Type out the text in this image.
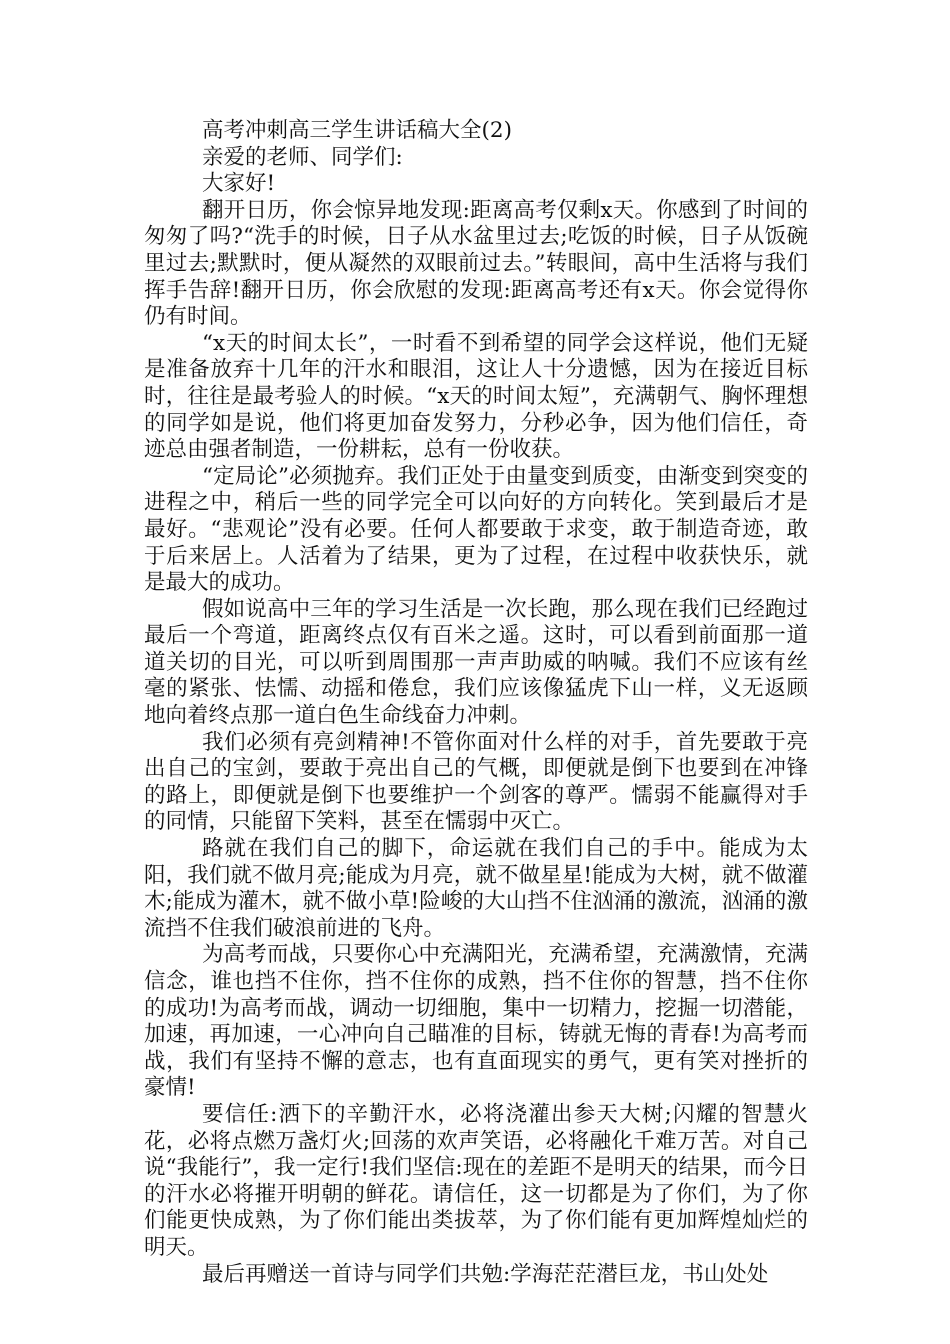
高考冲刺高三学生讲话稿大全(2)
亲爱的老师、同学们:
大家好!

翻开日历，你会惊异地发现:距离高考仅剩x天。你感到了时间的匆匆了吗?“洗手的时候，日子从水盆里过去;吃饭的时候，日子从饭碗里过去;默默时，便从凝然的双眼前过去。”转眼间，高中生活将与我们挥手告辞!翻开日历，你会欣慰的发现:距离高考还有x天。你会觉得你仍有时间。

“x天的时间太长”，一时看不到希望的同学会这样说，他们无疑是准备放弃十几年的汗水和眼泪，这让人十分遗憾，因为在接近目标时，往往是最考验人的时候。“x天的时间太短”，充满朝气、胸怀理想的同学如是说，他们将更加奋发努力，分秒必争，因为他们信任，奇迹总由强者制造，一份耕耘，总有一份收获。

“定局论”必须抛弃。我们正处于由量变到质变，由渐变到突变的进程之中，稍后一些的同学完全可以向好的方向转化。笑到最后才是最好。“悲观论”没有必要。任何人都要敢于求变，敢于制造奇迹，敢于后来居上。人活着为了结果，更为了过程，在过程中收获快乐，就是最大的成功。

假如说高中三年的学习生活是一次长跑，那么现在我们已经跑过最后一个弯道，距离终点仅有百米之遥。这时，可以看到前面那一道道关切的目光，可以听到周围那一声声助威的呐喊。我们不应该有丝毫的紧张、怯懦、动摇和倦怠，我们应该像猛虎下山一样，义无返顾地向着终点那一道白色生命线奋力冲刺。

我们必须有亮剑精神!不管你面对什么样的对手，首先要敢于亮出自己的宝剑，要敢于亮出自己的气概，即便就是倒下也要到在冲锋的路上，即便就是倒下也要维护一个剑客的尊严。懦弱不能赢得对手的同情，只能留下笑料，甚至在懦弱中灭亡。

路就在我们自己的脚下，命运就在我们自己的手中。能成为太阳，我们就不做月亮;能成为月亮，就不做星星!能成为大树，就不做灌木;能成为灌木，就不做小草!险峻的大山挡不住汹涌的激流，汹涌的激流挡不住我们破浪前进的飞舟。

为高考而战，只要你心中充满阳光，充满希望，充满激情，充满信念，谁也挡不住你，挡不住你的成熟，挡不住你的智慧，挡不住你的成功!为高考而战，调动一切细胞，集中一切精力，挖掘一切潜能，加速，再加速，一心冲向自己瞄准的目标，铸就无悔的青春!为高考而战，我们有坚持不懈的意志，也有直面现实的勇气，更有笑对挫折的豪情!

要信任:洒下的辛勤汗水，必将浇灌出参天大树;闪耀的智慧火花，必将点燃万盏灯火;回荡的欢声笑语，必将融化千难万苦。对自己说“我能行”，我一定行!我们坚信:现在的差距不是明天的结果，而今日的汗水必将摧开明朝的鲜花。请信任，这一切都是为了你们，为了你们能更快成熟，为了你们能出类拔萃，为了你们能有更加辉煌灿烂的明天。

最后再赠送一首诗与同学们共勉:学海茫茫潜巨龙，书山处处
